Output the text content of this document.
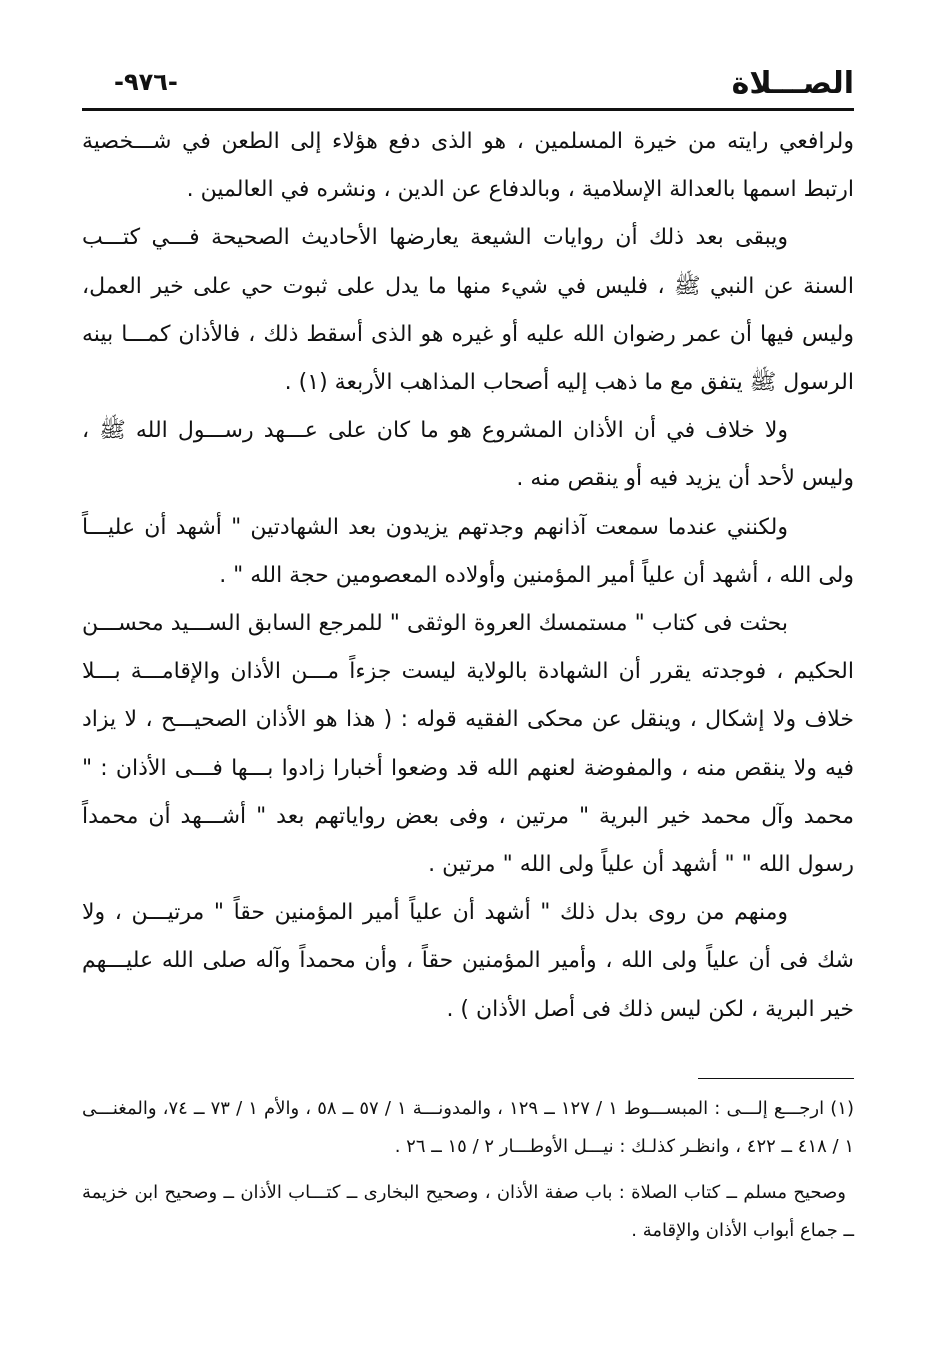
الصـــلاة
-٩٧٦-

ولرافعي رايته من خيرة المسلمين ، هو الذى دفع هؤلاء إلى الطعن في شـــخصية ارتبط اسمها بالعدالة الإسلامية ، وبالدفاع عن الدين ، ونشره في العالمين .

ويبقى بعد ذلك أن روايات الشيعة يعارضها الأحاديث الصحيحة فـــي كتـــب السنة عن النبي ﷺ ، فليس في شيء منها ما يدل على ثبوت حي على خير العمل، وليس فيها أن عمر رضوان الله عليه أو غيره هو الذى أسقط ذلك ، فالأذان كمـــا بينه الرسول ﷺ يتفق مع ما ذهب إليه أصحاب المذاهب الأربعة (١) .

ولا خلاف في أن الأذان المشروع هو ما كان على عـــهد رســـول الله ﷺ ، وليس لأحد أن يزيد فيه أو ينقص منه .

ولكنني عندما سمعت آذانهم وجدتهم يزيدون بعد الشهادتين " أشهد أن عليـــاً ولى الله ، أشهد أن علياً أمير المؤمنين وأولاده المعصومين حجة الله " .

بحثت فى كتاب " مستمسك العروة الوثقى " للمرجع السابق الســـيد محســـن الحكيم ، فوجدته يقرر أن الشهادة بالولاية ليست جزءاً مـــن الأذان والإقامـــة بـــلا خلاف ولا إشكال ، وينقل عن محكى الفقيه قوله : ( هذا هو الأذان الصحيـــح ، لا يزاد فيه ولا ينقص منه ، والمفوضة لعنهم الله قد وضعوا أخبارا زادوا بـــها فـــى الأذان : " محمد وآل محمد خير البرية " مرتين ، وفى بعض رواياتهم بعد " أشـــهد أن محمداً رسول الله " " أشهد أن علياً ولى الله " مرتين .

ومنهم من روى بدل ذلك " أشهد أن علياً أمير المؤمنين حقاً " مرتيـــن ، ولا شك فى أن علياً ولى الله ، وأمير المؤمنين حقاً ، وأن محمداً وآله صلى الله عليـــهم خير البرية ، لكن ليس ذلك فى أصل الأذان ) .

(١) ارجـــع إلـــى : المبســـوط ١ / ١٢٧ ــ ١٢٩ ، والمدونـــة ١ / ٥٧ ــ ٥٨ ، والأم ١ / ٧٣ ــ ٧٤، والمغنـــى ١ / ٤١٨ ــ ٤٢٢ ، وانظـر كذلـك : نيـــل الأوطـــار ٢ / ١٥ ــ ٢٦ .

وصحيح مسلم ــ كتاب الصلاة : باب صفة الأذان ، وصحيح البخارى ــ كتـــاب الأذان ــ وصحيح ابن خزيمة ــ جماع أبواب الأذان والإقامة .
